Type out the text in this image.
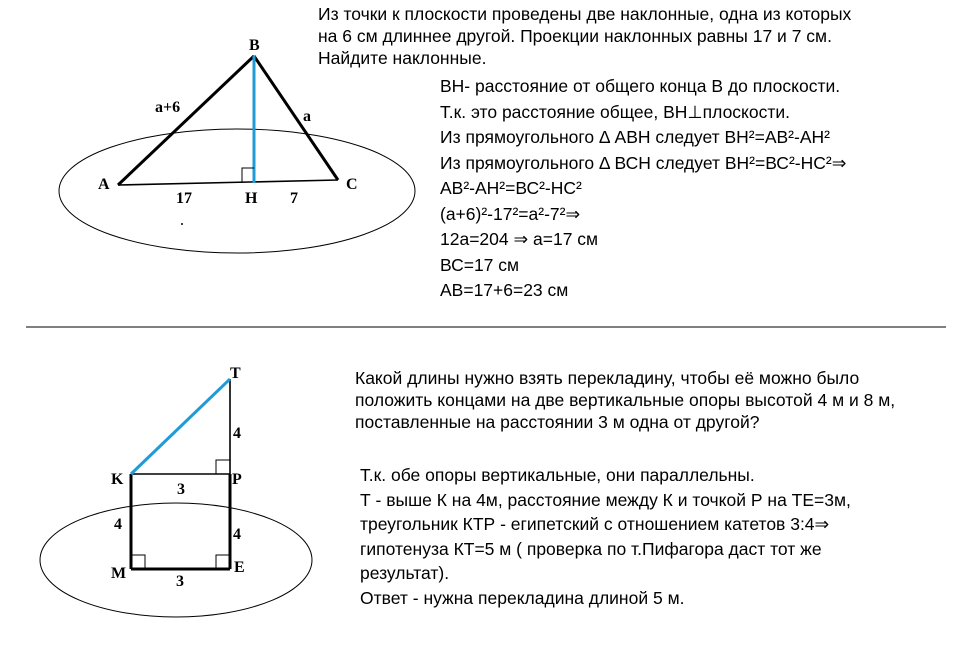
B
A	C
H
a+6
a
17	7
T
K	P
M	E
4
3
4
4
3
Из точки к плоскости проведены две наклонные, одна из которых
на 6 см длиннее другой. Проекции наклонных равны 17 и 7 см.
Найдите наклонные.
ВН- расстояние от общего конца В до плоскости.
Т.к. это расстояние общее, ВН⊥плоскости.
Из прямоугольного Δ АВН следует ВН²=АВ²-АН²
Из прямоугольного Δ ВСН следует ВН²=ВС²-НС²⇒
АВ²-АН²=ВС²-НС²
(а+6)²-17²=а²-7²⇒
12а=204 ⇒ а=17 см
ВС=17 см
АВ=17+6=23 см
Какой длины нужно взять перекладину, чтобы её можно было
положить концами на две вертикальные опоры высотой 4 м и 8 м,
поставленные на расстоянии 3 м одна от другой?
Т.к. обе опоры вертикальные, они параллельны.
Т - выше К на 4м, расстояние между К и точкой Р на ТЕ=3м,
треугольник КТР - египетский с отношением катетов 3:4⇒
гипотенуза КТ=5 м ( проверка по т.Пифагора даст тот же
результат).
Ответ - нужна перекладина длиной 5 м.
